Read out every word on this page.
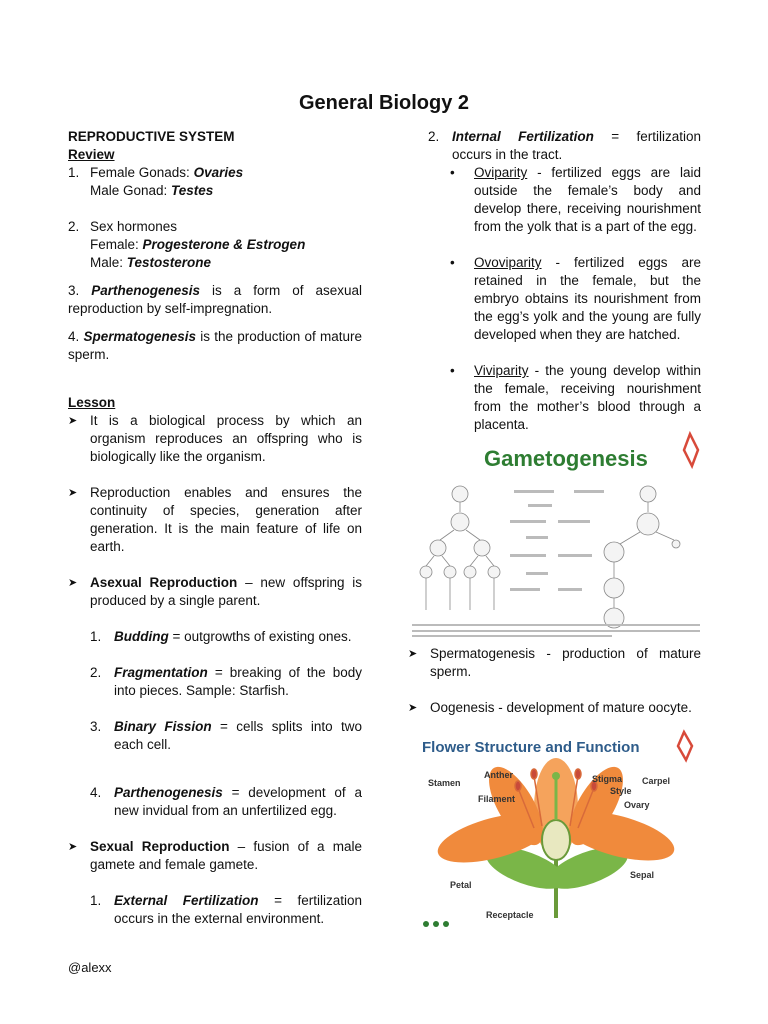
General Biology 2

REPRODUCTIVE SYSTEM

Review

1. Female Gonads: Ovaries
Male Gonad: Testes
2. Sex hormones
Female: Progesterone & Estrogen
Male: Testosterone

3. Parthenogenesis is a form of asexual reproduction by self-impregnation.

4. Spermatogenesis is the production of mature sperm.

Lesson

➤ It is a biological process by which an organism reproduces an offspring who is biologically like the organism.
➤ Reproduction enables and ensures the continuity of species, generation after generation. It is the main feature of life on earth.
➤ Asexual Reproduction – new offspring is produced by a single parent.
1. Budding = outgrowths of existing ones.
2. Fragmentation = breaking of the body into pieces. Sample: Starfish.
3. Binary Fission = cells splits into two each cell.
4. Parthenogenesis = development of a new invidual from an unfertilized egg.
➤ Sexual Reproduction – fusion of a male gamete and female gamete.
1. External Fertilization = fertilization occurs in the external environment.
2. Internal Fertilization = fertilization occurs in the tract.
•	Oviparity - fertilized eggs are laid outside the female’s body and develop there, receiving nourishment from the yolk that is a part of the egg.
•	Ovoviparity - fertilized eggs are retained in the female, but the embryo obtains its nourishment from the egg’s yolk and the young are fully developed when they are hatched.
•	Viviparity - the young develop within the female, receiving nourishment from the mother’s blood through a placenta.
Gametogenesis
➤ Spermatogenesis - production of mature sperm.
➤ Oogenesis - development of mature oocyte.
Flower Structure and Function
Stamen
Anther
Filament
Stigma Carpel
Style
Ovary
Petal
Sepal
Receptacle
@alexx
